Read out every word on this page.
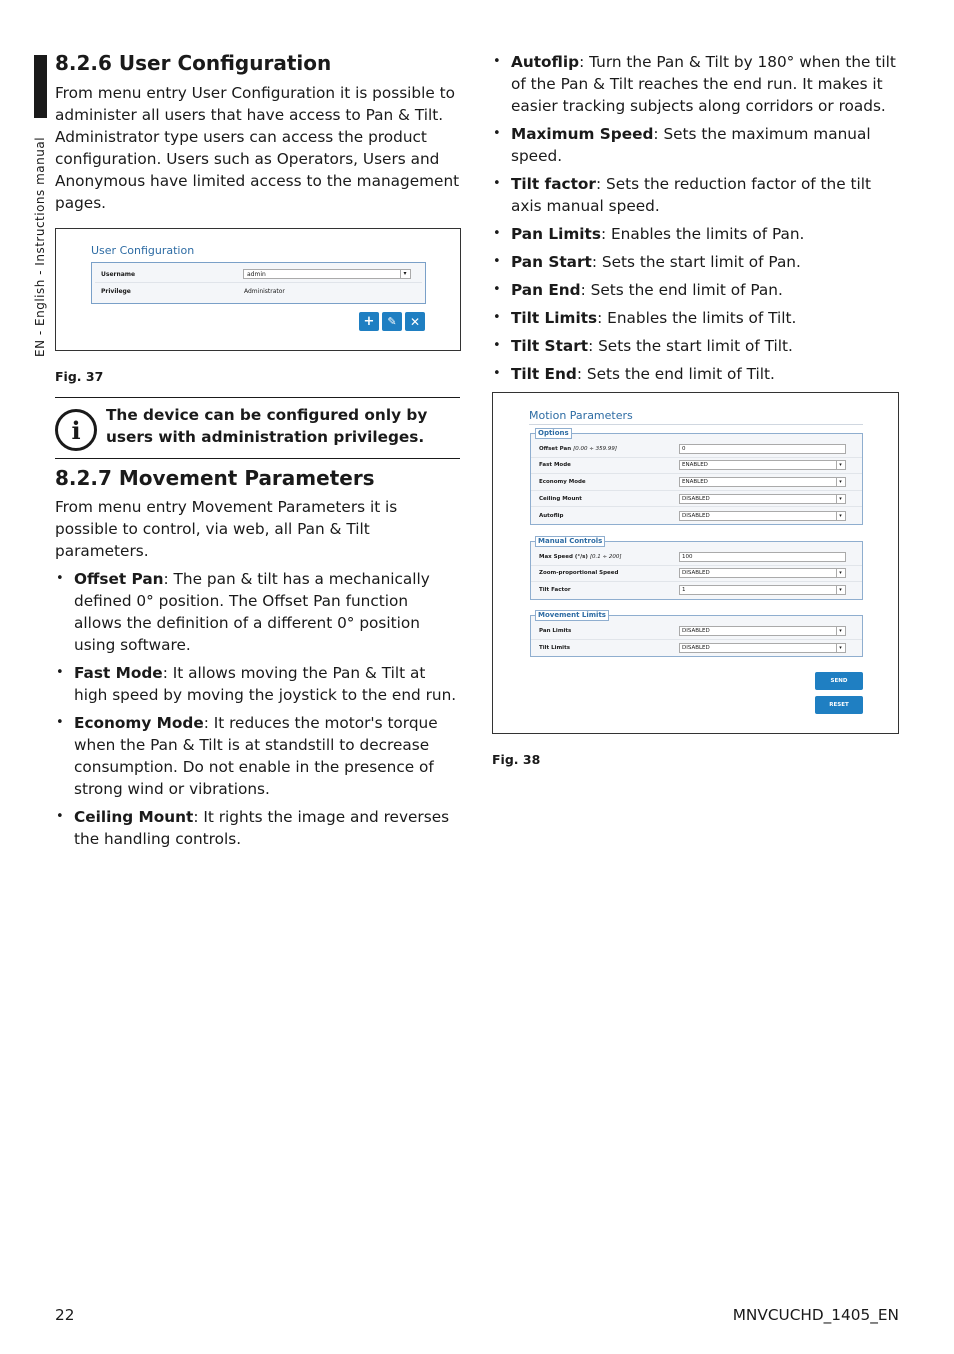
EN - English - Instructions manual
8.2.6 User Configuration

From menu entry User Configuration it is possible to administer all users that have access to Pan & Tilt. Administrator type users can access the product configuration. Users such as Operators, Users and Anonymous have limited access to the management pages.

User Configuration
Username	admin ▾
Privilege	Administrator
+ ✎ ✕
Fig. 37
i
The device can be configured only by users with administration privileges.
8.2.7 Movement Parameters

From menu entry Movement Parameters it is possible to control, via web, all Pan & Tilt parameters.

• Offset Pan: The pan & tilt has a mechanically defined 0° position. The Offset Pan function allows the definition of a different 0° position using software.
• Fast Mode: It allows moving the Pan & Tilt at high speed by moving the joystick to the end run.
• Economy Mode: It reduces the motor's torque when the Pan & Tilt is at standstill to decrease consumption. Do not enable in the presence of strong wind or vibrations.
• Ceiling Mount: It rights the image and reverses the handling controls.
• Autoflip: Turn the Pan & Tilt by 180° when the tilt of the Pan & Tilt reaches the end run. It makes it easier tracking subjects along corridors or roads.
• Maximum Speed: Sets the maximum manual speed.
• Tilt factor: Sets the reduction factor of the tilt axis manual speed.
• Pan Limits: Enables the limits of Pan.
• Pan Start: Sets the start limit of Pan.
• Pan End: Sets the end limit of Pan.
• Tilt Limits: Enables the limits of Tilt.
• Tilt Start: Sets the start limit of Tilt.
• Tilt End: Sets the end limit of Tilt.
Motion Parameters
Options
Offset Pan [0.00 ÷ 359.99]	0
Fast Mode	ENABLED ▾
Economy Mode	ENABLED ▾
Ceiling Mount	DISABLED ▾
Autoflip	DISABLED ▾
Manual Controls
Max Speed (°/s) [0.1 ÷ 200]	100
Zoom-proportional Speed	DISABLED ▾
Tilt Factor	1 ▾
Movement Limits
Pan Limits	DISABLED ▾
Tilt Limits	DISABLED ▾
SEND
RESET
Fig. 38
22	MNVCUCHD_1405_EN
